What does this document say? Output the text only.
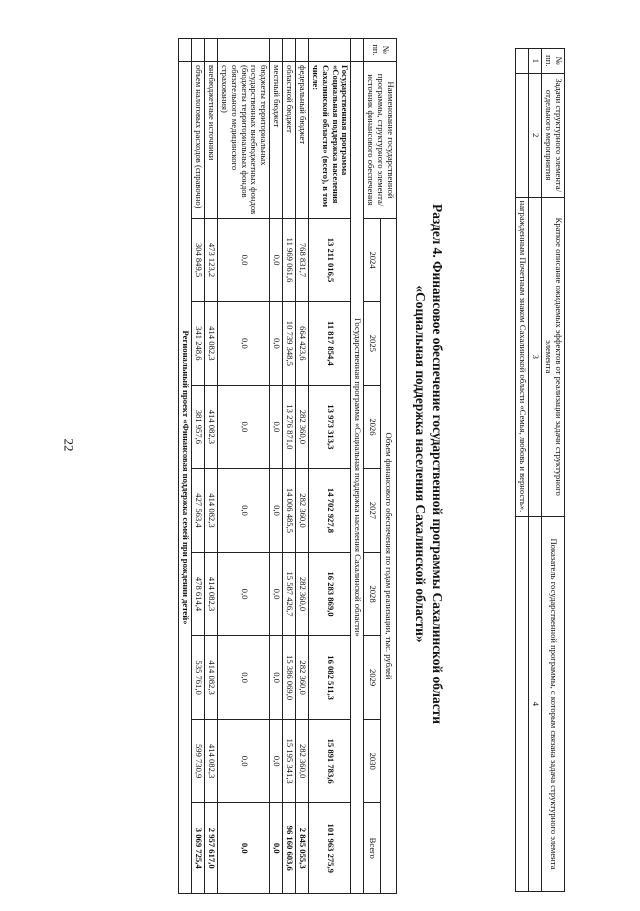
22
№ пп.	Задачи структурного элемента/отдельного мероприятия	Краткое описание ожидаемых эффектов от реализации задачи структурного элемента	Показатель государственной программы, с которым связана задача структурного элемента
1	2	3	4
		награжденным Почетным знаком Сахалинской области «Семья, любовь и верность».	
Раздел 4. Финансовое обеспечение государственной программы Сахалинской области
«Социальная поддержка населения Сахалинской области»
№ пп.	Наименование государственной программы, структурного элемента/источник финансового обеспечения	Объем финансового обеспечения по годам реализации, тыс. рублей							
		2024	2025	2026	2027	2028	2029	2030	Всего
	Государственная программа «Социальная поддержка населения Сахалинской области»								
	Государственная программа «Социальная поддержка населения Сахалинской области» (всего), в том числе:	13 211 016,5	11 817 854,4	13 973 313,3	14 702 927,8	16 283 869,0	16 082 511,3	15 891 783,6	101 963 275,9
	федеральный бюджет	768 831,7	664 423,6	282 360,0	282 360,0	282 360,0	282 360,0	282 360,0	2 845 055,3
	областной бюджет	11 969 061,6	10 739 348,5	13 276 871,0	14 006 485,5	15 587 426,7	15 386 069,0	15 195 341,3	96 160 603,6
	местный бюджет	0,0	0,0	0,0	0,0	0,0	0,0	0,0	0,0
	бюджеты территориальных государственных внебюджетных фондов (бюджеты территориальных фондов обязательного медицинского страхования)	0,0	0,0	0,0	0,0	0,0	0,0	0,0	0,0
	внебюджетные источники	473 123,2	414 082,3	414 082,3	414 082,3	414 082,3	414 082,3	414 082,3	2 957 617,0
	объем налоговых расходов (справочно)	304 849,5	341 248,6	381 957,6	427 563,4	478 614,4	535 761,0	599 730,9	3 069 725,4
	Региональный проект «Финансовая поддержка семей при рождении детей»								
